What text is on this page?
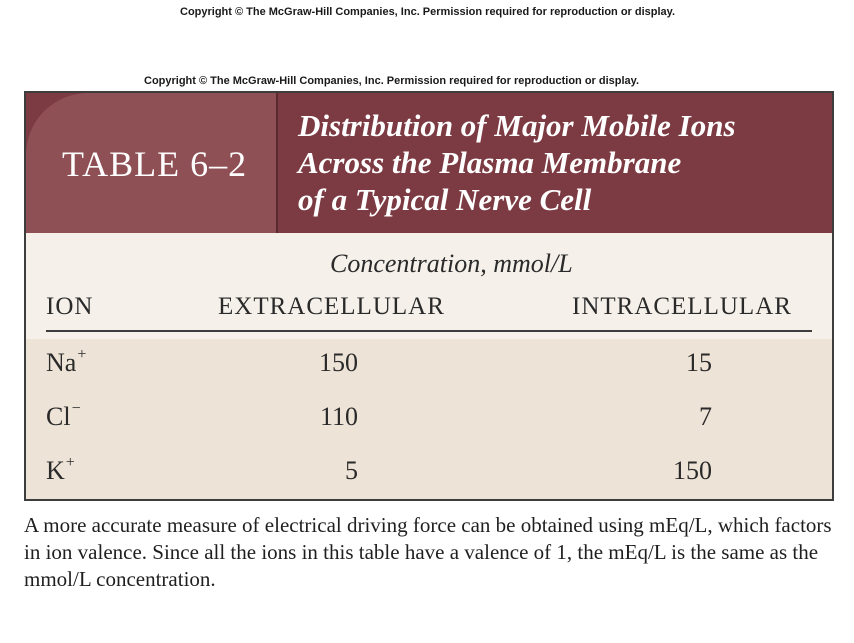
Copyright © The McGraw-Hill Companies, Inc. Permission required for reproduction or display.
Copyright © The McGraw-Hill Companies, Inc. Permission required for reproduction or display.
TABLE 6–2
Distribution of Major Mobile Ions
Across the Plasma Membrane
of a Typical Nerve Cell
Concentration, mmol/L
ION	EXTRACELLULAR	INTRACELLULAR
Na+	150	15
Cl−	110	7
K+	5	150

A more accurate measure of electrical driving force can be obtained using mEq/L, which factors in ion valence. Since all the ions in this table have a valence of 1, the mEq/L is the same as the mmol/L concentration.
